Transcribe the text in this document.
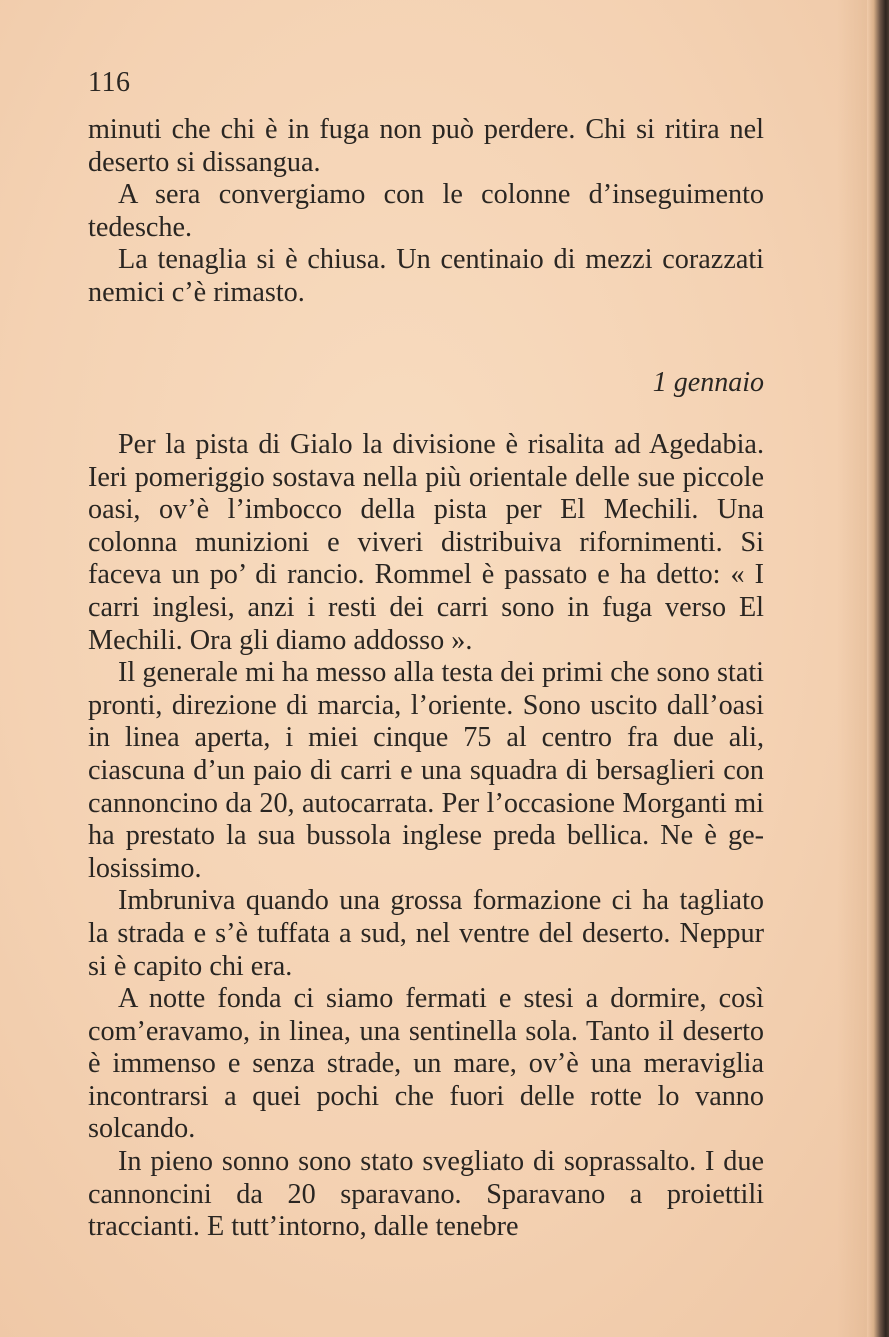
116

minuti che chi è in fuga non può perdere. Chi si ritira nel deserto si dissangua.

A sera convergiamo con le colonne d’inseguimento tedesche.

La tenaglia si è chiusa. Un centinaio di mezzi corazzati nemici c’è rimasto.

1 gennaio

Per la pista di Gialo la divisione è risalita ad Agedabia. Ieri pomeriggio sostava nella più orientale delle sue piccole oasi, ov’è l’imbocco della pista per El Mechili. Una colonna munizioni e viveri distribuiva rifornimenti. Si faceva un po’ di rancio. Rommel è passato e ha detto: « I carri inglesi, anzi i resti dei carri sono in fuga verso El Mechili. Ora gli diamo addosso ».

Il generale mi ha messo alla testa dei primi che sono stati pronti, direzione di marcia, l’oriente. Sono uscito dall’oasi in linea aperta, i miei cinque 75 al centro fra due ali, ciascuna d’un paio di carri e una squadra di bersaglieri con cannoncino da 20, autocarrata. Per l’occasione Morganti mi ha prestato la sua bussola inglese preda bellica. Ne è gelosissimo.

Imbruniva quando una grossa formazione ci ha tagliato la strada e s’è tuffata a sud, nel ventre del deserto. Neppur si è capito chi era.

A notte fonda ci siamo fermati e stesi a dormire, così com’eravamo, in linea, una sentinella sola. Tanto il deserto è immenso e senza strade, un mare, ov’è una meraviglia incontrarsi a quei pochi che fuori delle rotte lo vanno solcando.

In pieno sonno sono stato svegliato di soprassalto. I due cannoncini da 20 sparavano. Sparavano a proiettili traccianti. E tutt’intorno, dalle tenebre
